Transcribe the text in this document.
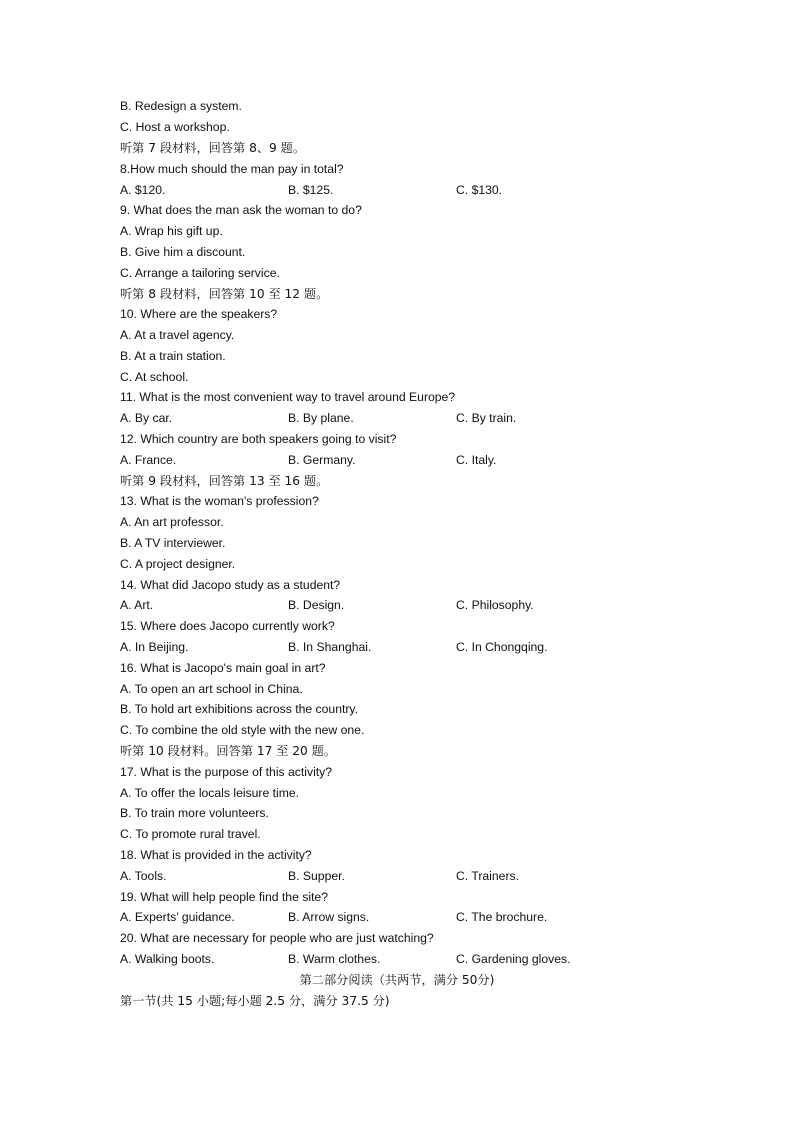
B. Redesign a system.
C. Host a workshop.
听第 7 段材料，回答第 8、9 题。
8.How much should the man pay in total?
A. $120.	B. $125.	C. $130.
9. What does the man ask the woman to do?
A. Wrap his gift up.
B. Give him a discount.
C. Arrange a tailoring service.
听第 8 段材料，回答第 10 至 12 题。
10. Where are the speakers?
A. At a travel agency.
B. At a train station.
C. At school.
11. What is the most convenient way to travel around Europe?
A. By car.	B. By plane.	C. By train.
12. Which country are both speakers going to visit?
A. France.	B. Germany.	C. Italy.
听第 9 段材料，回答第 13 至 16 题。
13. What is the woman's profession?
A. An art professor.
B. A TV interviewer.
C. A project designer.
14. What did Jacopo study as a student?
A. Art.	B. Design.	C. Philosophy.
15. Where does Jacopo currently work?
A. In Beijing.	B. In Shanghai.	C. In Chongqing.
16. What is Jacopo's main goal in art?
A. To open an art school in China.
B. To hold art exhibitions across the country.
C. To combine the old style with the new one.
听第 10 段材料。回答第 17 至 20 题。
17. What is the purpose of this activity?
A. To offer the locals leisure time.
B. To train more volunteers.
C. To promote rural travel.
18. What is provided in the activity?
A. Tools.	B. Supper.	C. Trainers.
19. What will help people find the site?
A. Experts’ guidance.	B. Arrow signs.	C. The brochure.
20. What are necessary for people who are just watching?
A. Walking boots.	B. Warm clothes.	C. Gardening gloves.
第二部分阅读（共两节，满分 50分)
第一节(共 15 小题;每小题 2.5 分，满分 37.5 分)
